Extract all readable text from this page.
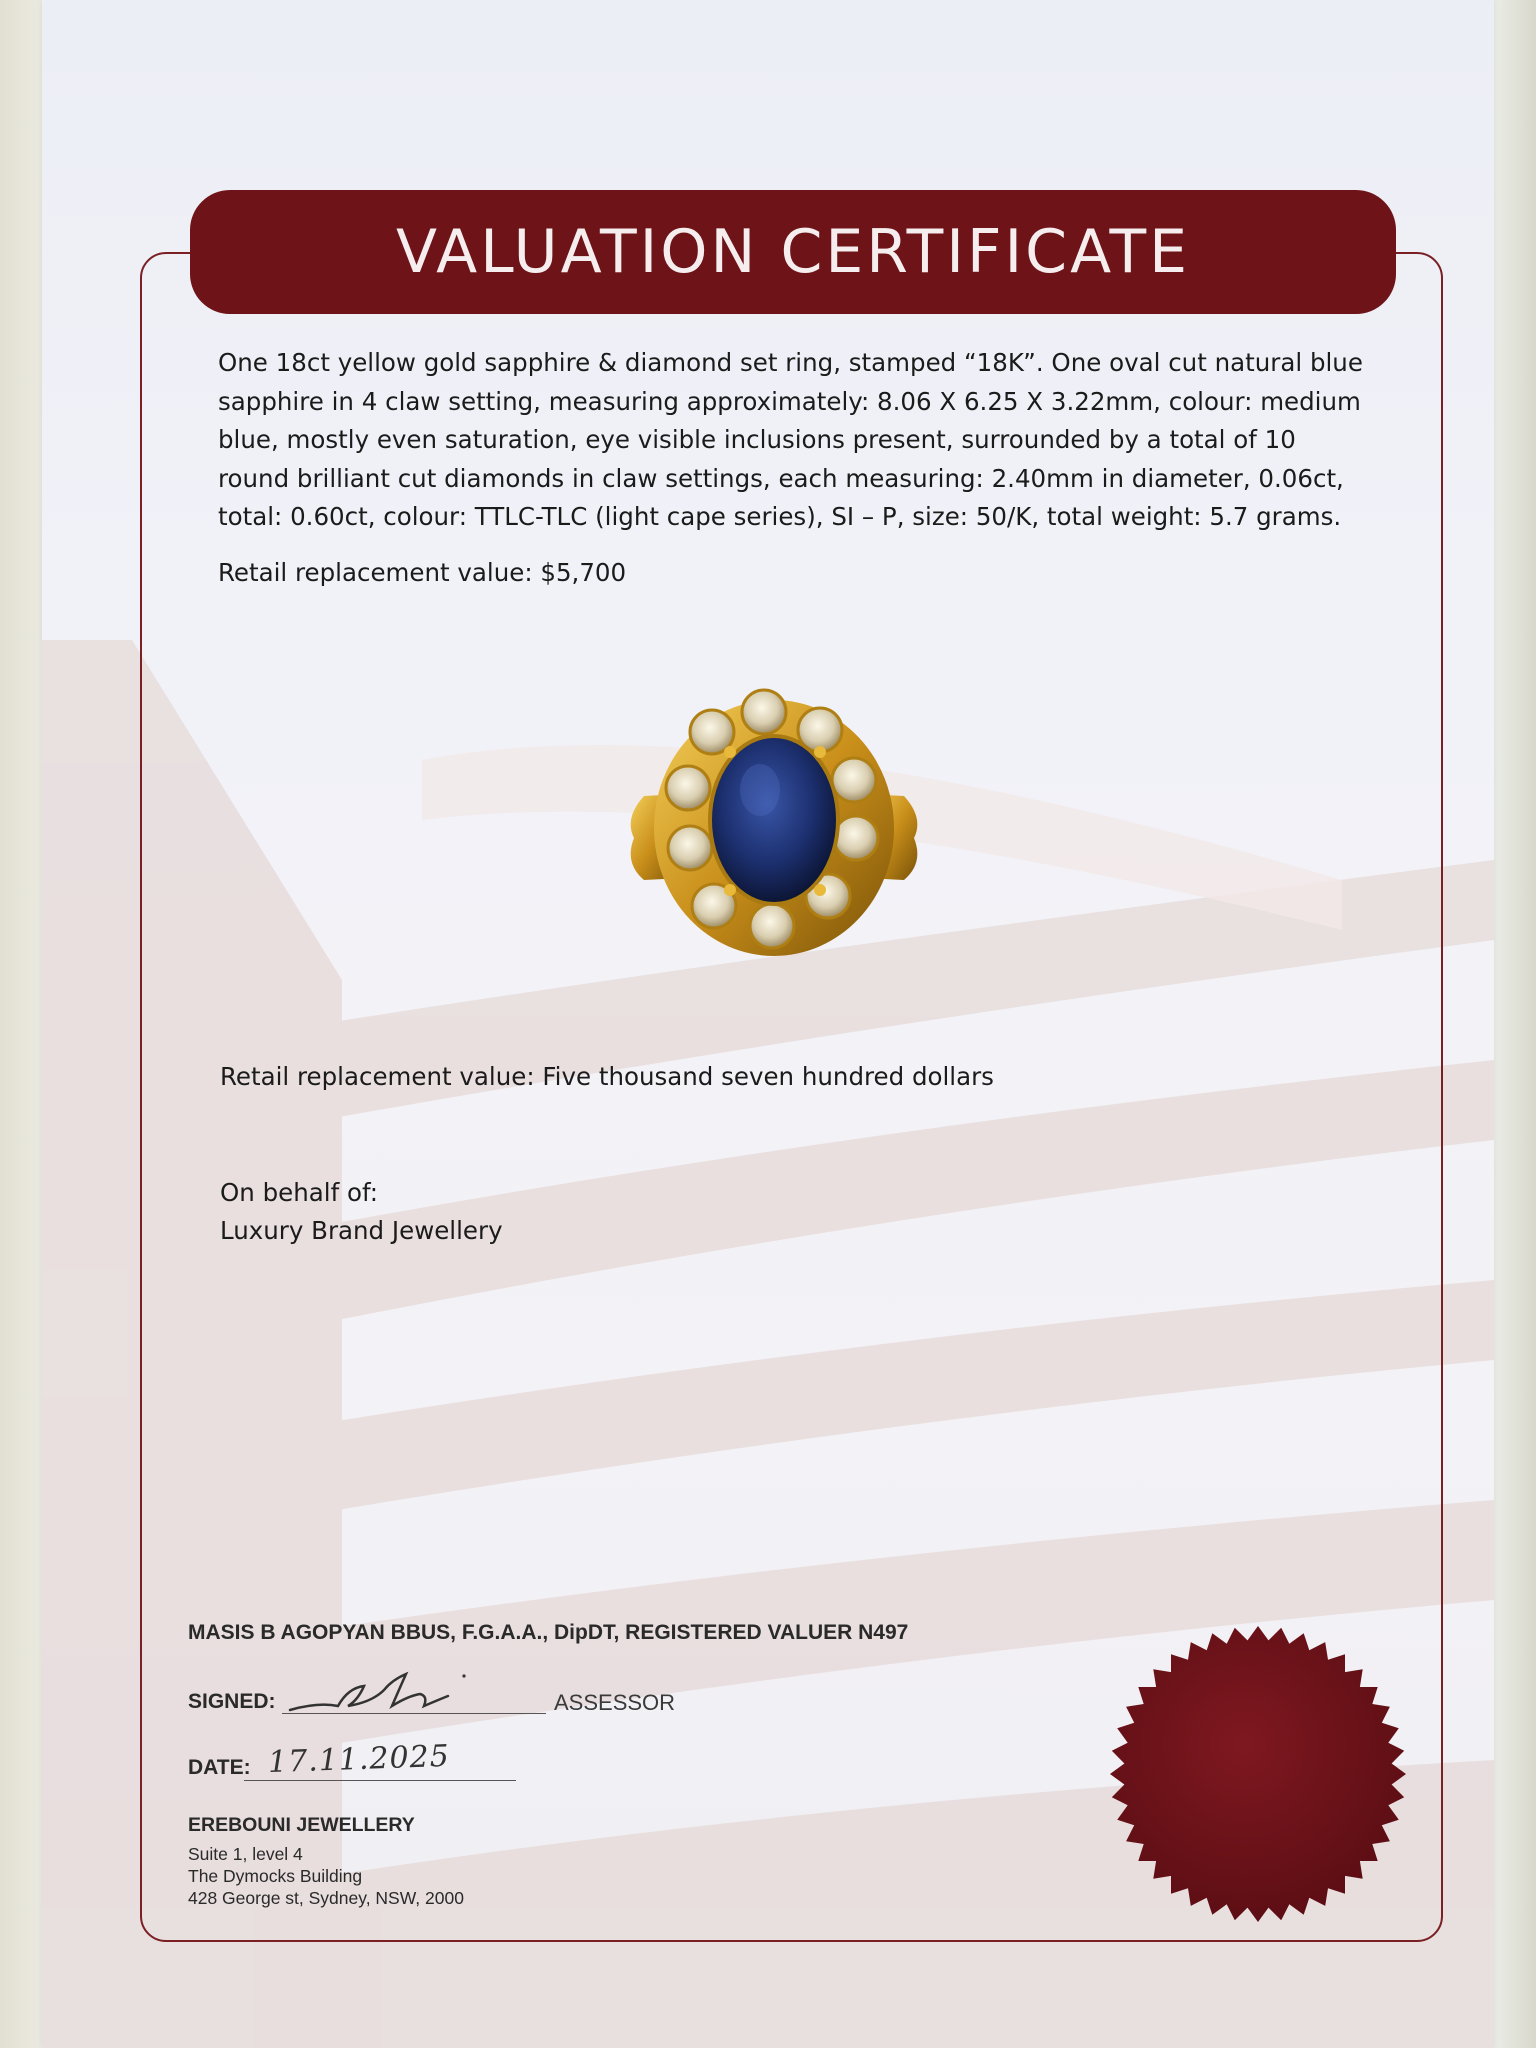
VALUATION CERTIFICATE
One 18ct yellow gold sapphire & diamond set ring, stamped “18K”. One oval cut natural blue
sapphire in 4 claw setting, measuring approximately: 8.06 X 6.25 X 3.22mm, colour: medium
blue, mostly even saturation, eye visible inclusions present, surrounded by a total of 10
round brilliant cut diamonds in claw settings, each measuring: 2.40mm in diameter, 0.06ct,
total: 0.60ct, colour: TTLC-TLC (light cape series), SI – P, size: 50/K, total weight: 5.7 grams.
Retail replacement value: $5,700
Retail replacement value: Five thousand seven hundred dollars
On behalf of:
Luxury Brand Jewellery
MASIS B AGOPYAN BBUS, F.G.A.A., DipDT, REGISTERED VALUER N497
SIGNED:	ASSESSOR
DATE: 17.11.2025
EREBOUNI JEWELLERY
Suite 1, level 4
The Dymocks Building
428 George st, Sydney, NSW, 2000
